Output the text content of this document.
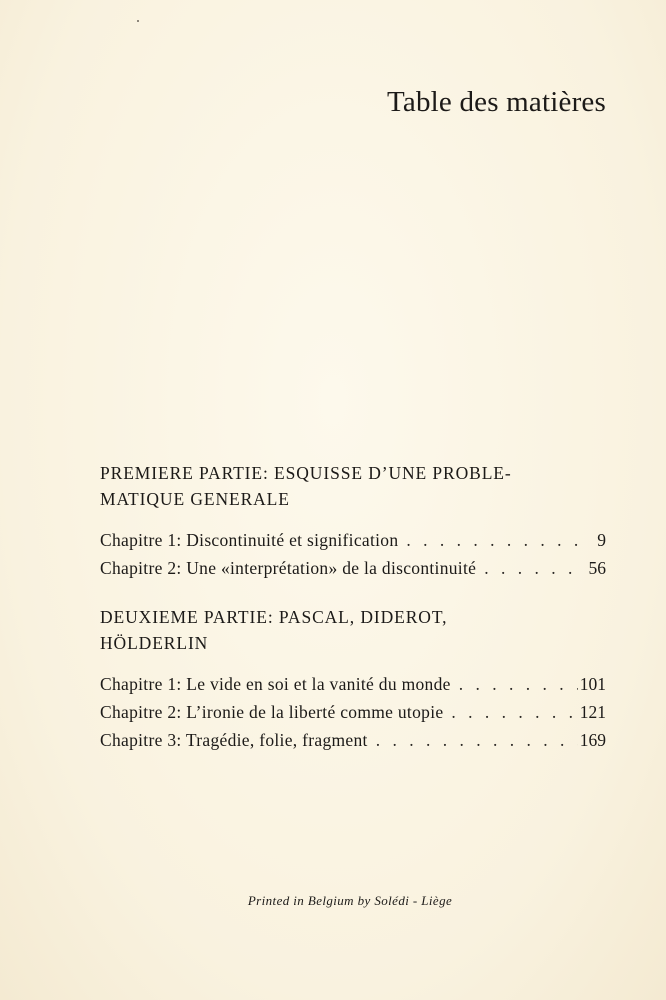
Table des matières
PREMIERE PARTIE: ESQUISSE D’UNE PROBLE-
MATIQUE GENERALE
Chapitre 1: Discontinuité et signification . . .	9
Chapitre 2: Une «interprétation» de la discontinuité . . .	56
DEUXIEME PARTIE: PASCAL, DIDEROT,
HÖLDERLIN
Chapitre 1: Le vide en soi et la vanité du monde . . .	101
Chapitre 2: L’ironie de la liberté comme utopie . . .	121
Chapitre 3: Tragédie, folie, fragment . . .	169
Printed in Belgium by Solédi - Liège
